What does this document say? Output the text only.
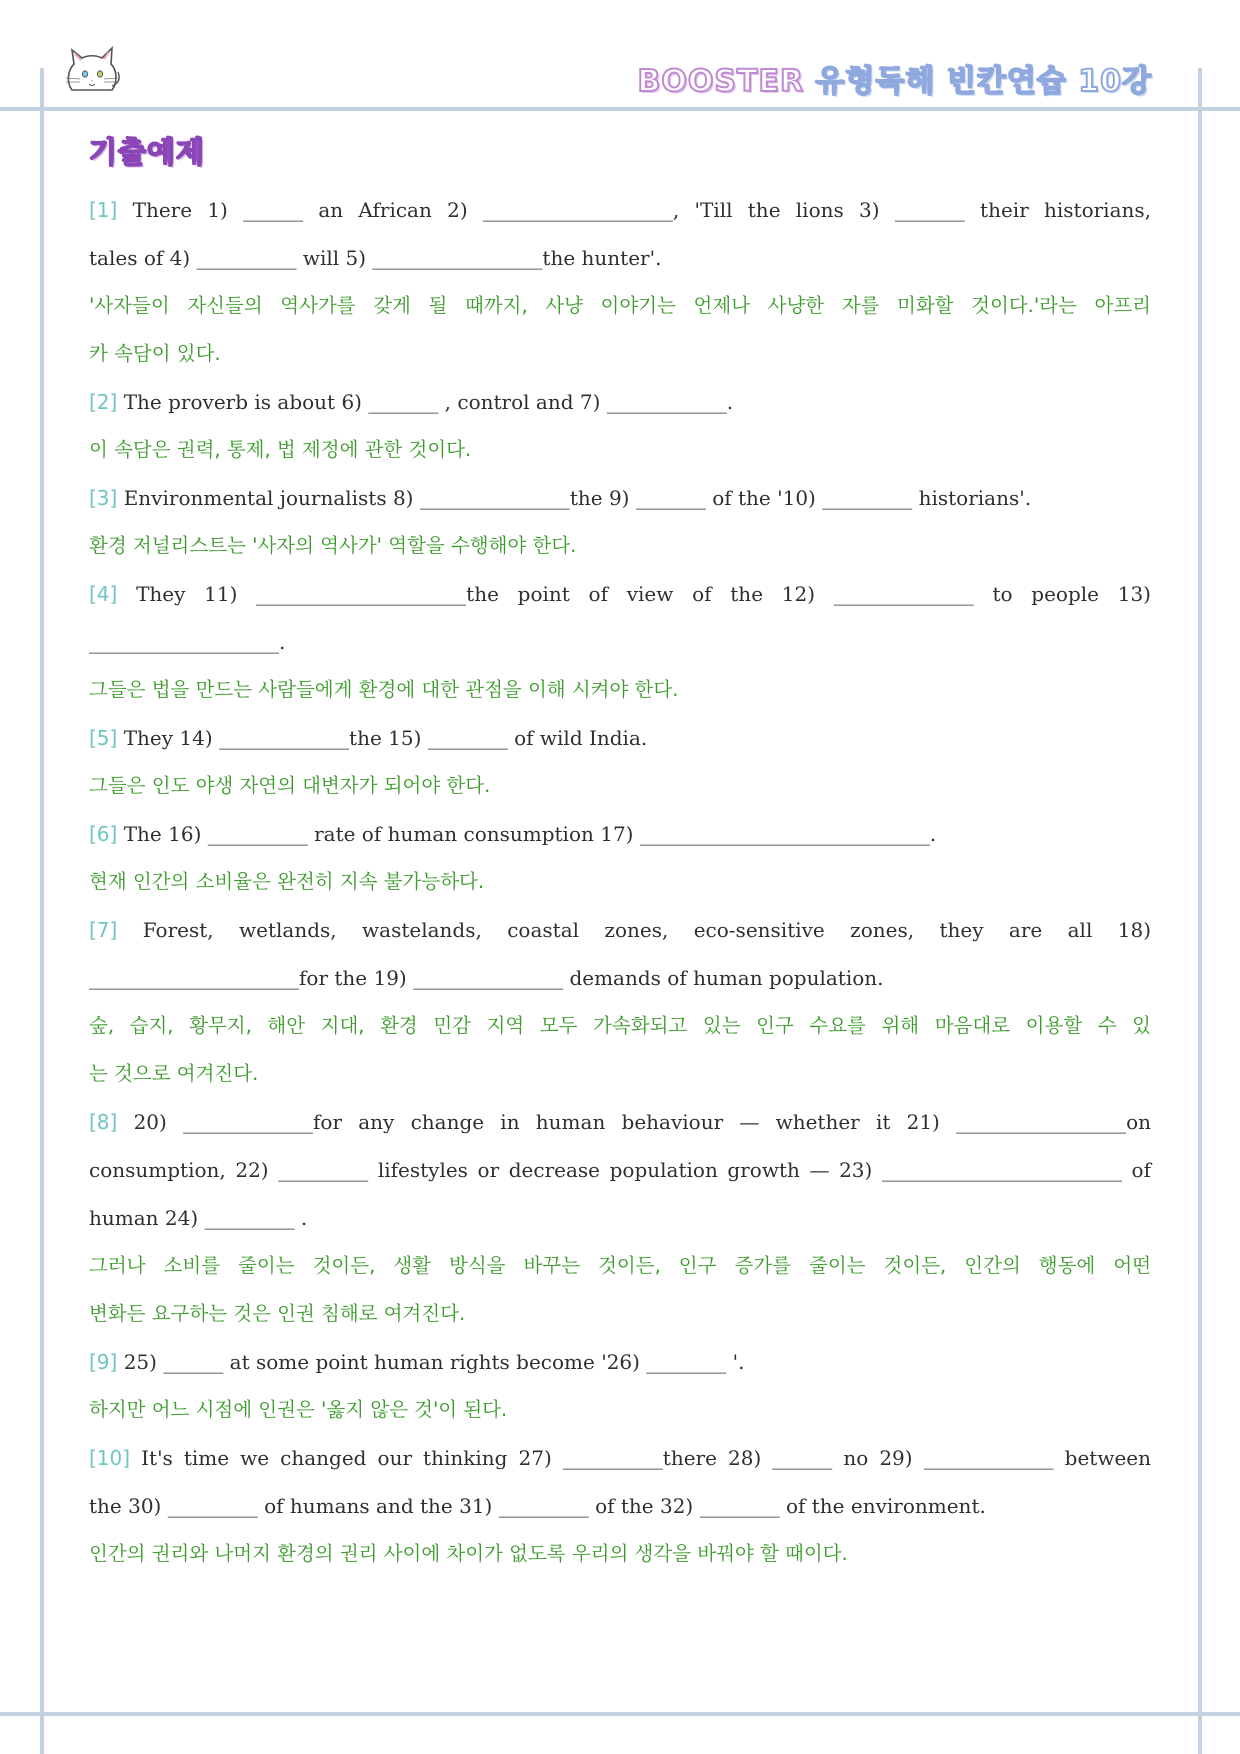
BOOSTER 유형독해 빈칸연습 10강
기출예제
[1] There 1) ______ an African 2) ___________________, 'Till the lions 3) _______ their historians,
tales of 4) __________ will 5) _________________the hunter'.
'사자들이 자신들의 역사가를 갖게 될 때까지, 사냥 이야기는 언제나 사냥한 자를 미화할 것이다.'라는 아프리
카 속담이 있다.
[2] The proverb is about 6) _______ , control and 7) ____________.
이 속담은 권력, 통제, 법 제정에 관한 것이다.
[3] Environmental journalists 8) _______________the 9) _______ of the '10) _________ historians'.
환경 저널리스트는 '사자의 역사가' 역할을 수행해야 한다.
[4] They 11) _____________________the point of view of the 12) ______________ to people 13)
___________________.
그들은 법을 만드는 사람들에게 환경에 대한 관점을 이해 시켜야 한다.
[5] They 14) _____________the 15) ________ of wild India.
그들은 인도 야생 자연의 대변자가 되어야 한다.
[6] The 16) __________ rate of human consumption 17) _____________________________.
현재 인간의 소비율은 완전히 지속 불가능하다.
[7] Forest, wetlands, wastelands, coastal zones, eco-sensitive zones, they are all 18)
_____________________for the 19) _______________ demands of human population.
숲, 습지, 황무지, 해안 지대, 환경 민감 지역 모두 가속화되고 있는 인구 수요를 위해 마음대로 이용할 수 있
는 것으로 여겨진다.
[8] 20) _____________for any change in human behaviour — whether it 21) _________________on
consumption, 22) _________ lifestyles or decrease population growth — 23) ________________________ of
human 24) _________ .
그러나 소비를 줄이는 것이든, 생활 방식을 바꾸는 것이든, 인구 증가를 줄이는 것이든, 인간의 행동에 어떤
변화든 요구하는 것은 인권 침해로 여겨진다.
[9] 25) ______ at some point human rights become '26) ________ '.
하지만 어느 시점에 인권은 '옳지 않은 것'이 된다.
[10] It's time we changed our thinking 27) __________there 28) ______ no 29) _____________ between
the 30) _________ of humans and the 31) _________ of the 32) ________ of the environment.
인간의 권리와 나머지 환경의 권리 사이에 차이가 없도록 우리의 생각을 바꿔야 할 때이다.
